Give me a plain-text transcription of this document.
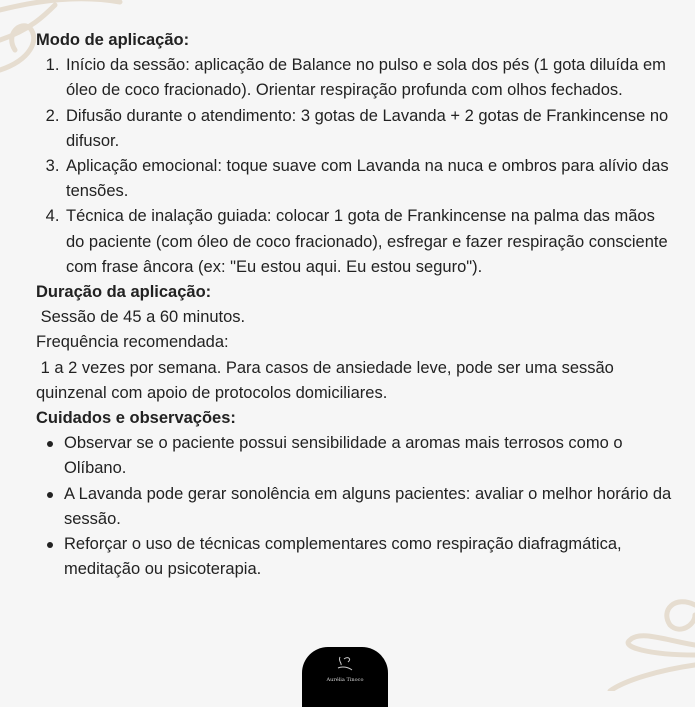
Modo de aplicação:
1. Início da sessão: aplicação de Balance no pulso e sola dos pés (1 gota diluída em óleo de coco fracionado). Orientar respiração profunda com olhos fechados.
2. Difusão durante o atendimento: 3 gotas de Lavanda + 2 gotas de Frankincense no difusor.
3. Aplicação emocional: toque suave com Lavanda na nuca e ombros para alívio das tensões.
4. Técnica de inalação guiada: colocar 1 gota de Frankincense na palma das mãos do paciente (com óleo de coco fracionado), esfregar e fazer respiração consciente com frase âncora (ex: "Eu estou aqui. Eu estou seguro").
Duração da aplicação:

Sessão de 45 a 60 minutos.

Frequência recomendada:

1 a 2 vezes por semana. Para casos de ansiedade leve, pode ser uma sessão quinzenal com apoio de protocolos domiciliares.

Cuidados e observações:
Observar se o paciente possui sensibilidade a aromas mais terrosos como o Olíbano.
A Lavanda pode gerar sonolência em alguns pacientes: avaliar o melhor horário da sessão.
Reforçar o uso de técnicas complementares como respiração diafragmática, meditação ou psicoterapia.
Aurélia Tinoco
